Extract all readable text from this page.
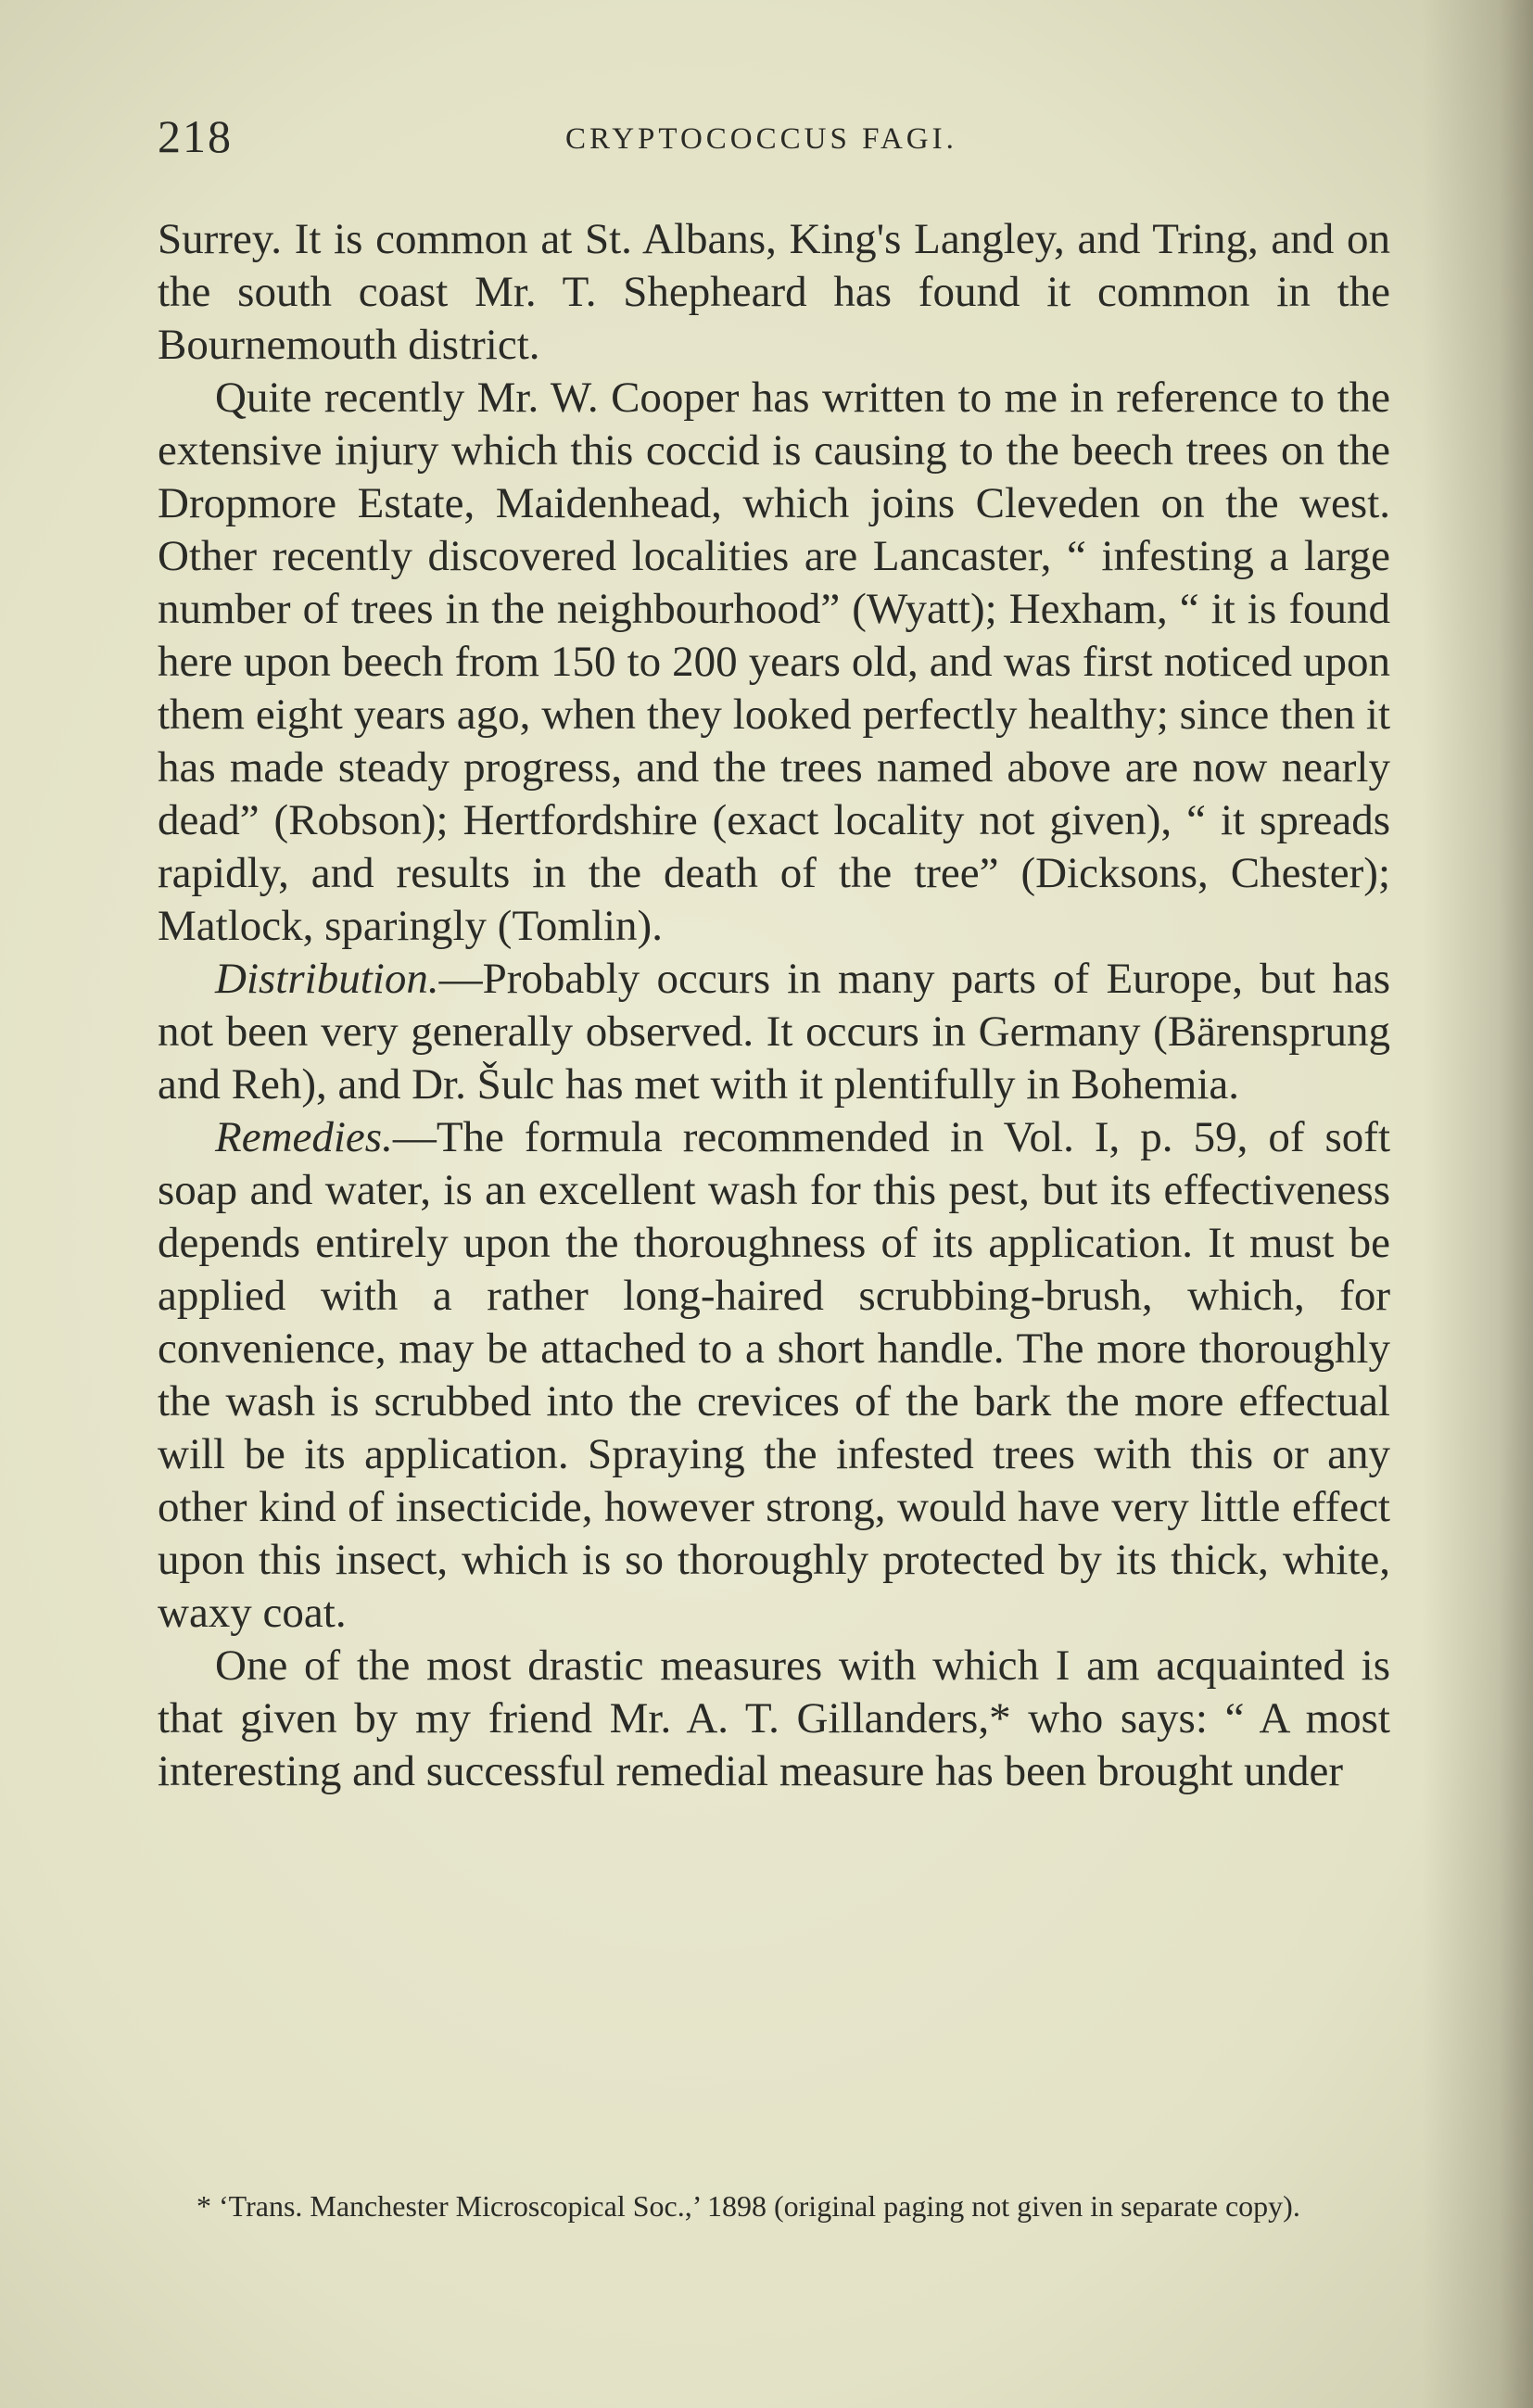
218	CRYPTOCOCCUS FAGI.

Surrey. It is common at St. Albans, King's Langley, and Tring, and on the south coast Mr. T. Shepheard has found it common in the Bournemouth district.

Quite recently Mr. W. Cooper has written to me in reference to the extensive injury which this coccid is causing to the beech trees on the Dropmore Estate, Maidenhead, which joins Cleveden on the west. Other recently discovered localities are Lancaster, “ infesting a large number of trees in the neighbourhood” (Wyatt); Hexham, “ it is found here upon beech from 150 to 200 years old, and was first noticed upon them eight years ago, when they looked perfectly healthy; since then it has made steady progress, and the trees named above are now nearly dead” (Robson); Hertfordshire (exact locality not given), “ it spreads rapidly, and results in the death of the tree” (Dicksons, Chester); Matlock, sparingly (Tomlin).

Distribution.—Probably occurs in many parts of Europe, but has not been very generally observed. It occurs in Germany (Bärensprung and Reh), and Dr. Šulc has met with it plentifully in Bohemia.

Remedies.—The formula recommended in Vol. I, p. 59, of soft soap and water, is an excellent wash for this pest, but its effectiveness depends entirely upon the thoroughness of its application. It must be applied with a rather long-haired scrubbing-brush, which, for convenience, may be attached to a short handle. The more thoroughly the wash is scrubbed into the crevices of the bark the more effectual will be its application. Spraying the infested trees with this or any other kind of insecticide, however strong, would have very little effect upon this insect, which is so thoroughly protected by its thick, white, waxy coat.

One of the most drastic measures with which I am acquainted is that given by my friend Mr. A. T. Gillanders,* who says: “ A most interesting and successful remedial measure has been brought under

* ‘Trans. Manchester Microscopical Soc.,’ 1898 (original paging not given in separate copy).
